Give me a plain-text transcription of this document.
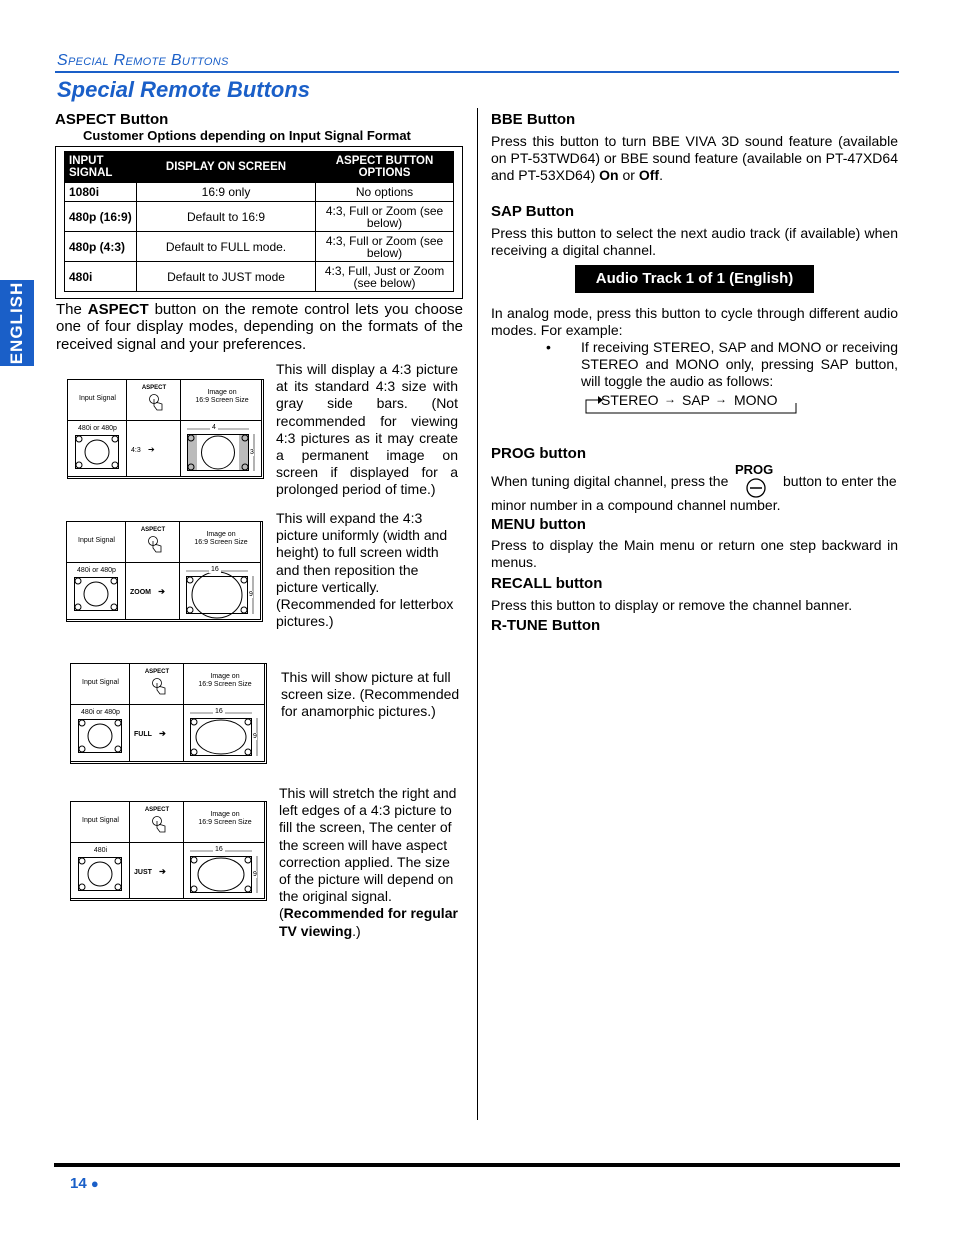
Special Remote Buttons
Special Remote Buttons
ENGLISH
ASPECT Button
Customer Options depending on Input Signal Format
INPUT SIGNAL	DISPLAY ON SCREEN	ASPECT BUTTON OPTIONS
1080i	16:9 only	No options
480p (16:9)	Default to 16:9	4:3, Full or Zoom (see below)
480p (4:3)	Default to FULL mode.	4:3, Full or Zoom (see below)
480i	Default to JUST mode	4:3, Full, Just or Zoom (see below)
The ASPECT button on the remote control lets you choose one of four display modes, depending on the formats of the received signal and your preferences.
Input Signal
ASPECT
Image on
16:9 Screen Size
480i or 480p
4:3 ➔
4
3
Input Signal
ASPECT
Image on
16:9 Screen Size
480i or 480p
ZOOM ➔
16
9
Input Signal
ASPECT
Image on
16:9 Screen Size
480i or 480p
FULL ➔
16
9
Input Signal
ASPECT
Image on
16:9 Screen Size
480i
JUST ➔
16
9
This will display a 4:3 picture at its standard 4:3 size with gray side bars. (Not recommended for viewing 4:3 pictures as it may create a permanent image on screen if displayed for a prolonged period of time.)
This will expand the 4:3 picture uniformly (width and height) to full screen width and then reposition the picture vertically. (Recommended for letterbox pictures.)
This will show picture at full screen size. (Recommended for anamorphic pictures.)
This will stretch the right and left edges of a 4:3 picture to fill the screen, The center of the screen will have aspect correction applied. The size of the picture will depend on the original signal. (Recommended for regular TV viewing.)
BBE Button
Press this button to turn BBE VIVA 3D sound feature (available on PT-53TWD64) or BBE sound feature (available on PT-47XD64 and PT-53XD64) On or Off.
SAP Button
Press this button to select the next audio track (if available) when receiving a digital channel.
Audio Track 1 of 1 (English)
In analog mode, press this button to cycle through different audio modes. For example:
• If receiving STEREO, SAP and MONO or receiving STEREO and MONO only, pressing SAP button, will toggle the audio as follows:
STEREO → SAP → MONO
PROG button
When tuning digital channel, press the
PROG
button to enter the
minor number in a compound channel number.
MENU button
Press to display the Main menu or return one step backward in menus.
RECALL button
Press this button to display or remove the channel banner.
R-TUNE Button
14 ●
